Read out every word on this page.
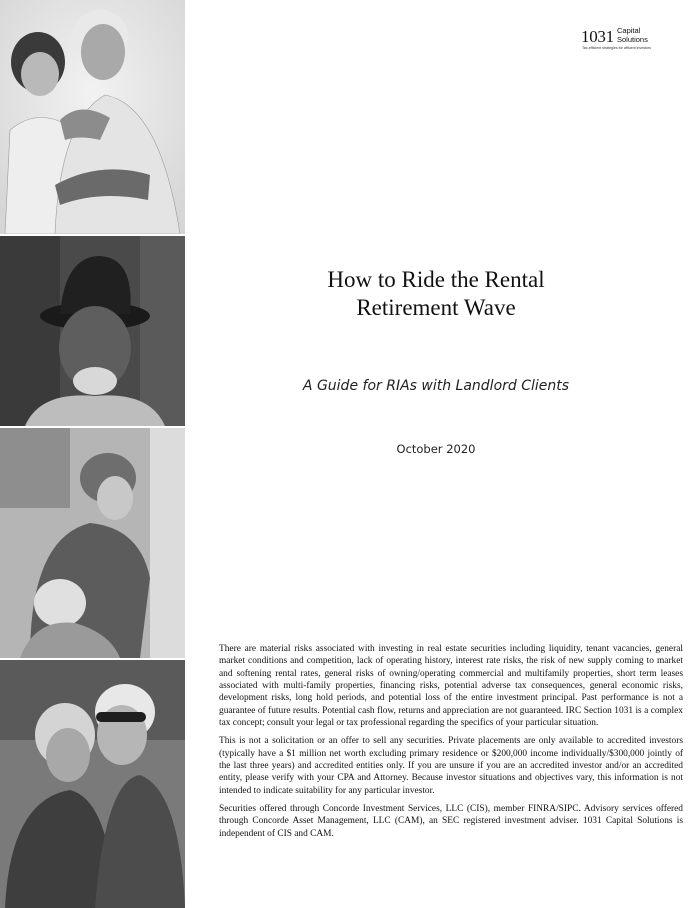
1031 Capital
Solutions
Tax-efficient strategies for affluent investors
How to Ride the Rental
Retirement Wave
A Guide for RIAs with Landlord Clients
October 2020

There are material risks associated with investing in real estate securities including liquidity, tenant vacancies, general market conditions and competition, lack of operating history, interest rate risks, the risk of new supply coming to market and softening rental rates, general risks of owning/operating commercial and multifamily properties, short term leases associated with multi-family properties, financing risks, potential adverse tax consequences, general economic risks, development risks, long hold periods, and potential loss of the entire investment principal. Past performance is not a guarantee of future results. Potential cash flow, returns and appreciation are not guaranteed. IRC Section 1031 is a complex tax concept; consult your legal or tax professional regarding the specifics of your particular situation.

This is not a solicitation or an offer to sell any securities. Private placements are only available to accredited investors (typically have a $1 million net worth excluding primary residence or $200,000 income individually/$300,000 jointly of the last three years) and accredited entities only. If you are unsure if you are an accredited investor and/or an accredited entity, please verify with your CPA and Attorney. Because investor situations and objectives vary, this information is not intended to indicate suitability for any particular investor.

Securities offered through Concorde Investment Services, LLC (CIS), member FINRA/SIPC. Advisory services offered through Concorde Asset Management, LLC (CAM), an SEC registered investment adviser. 1031 Capital Solutions is independent of CIS and CAM.
